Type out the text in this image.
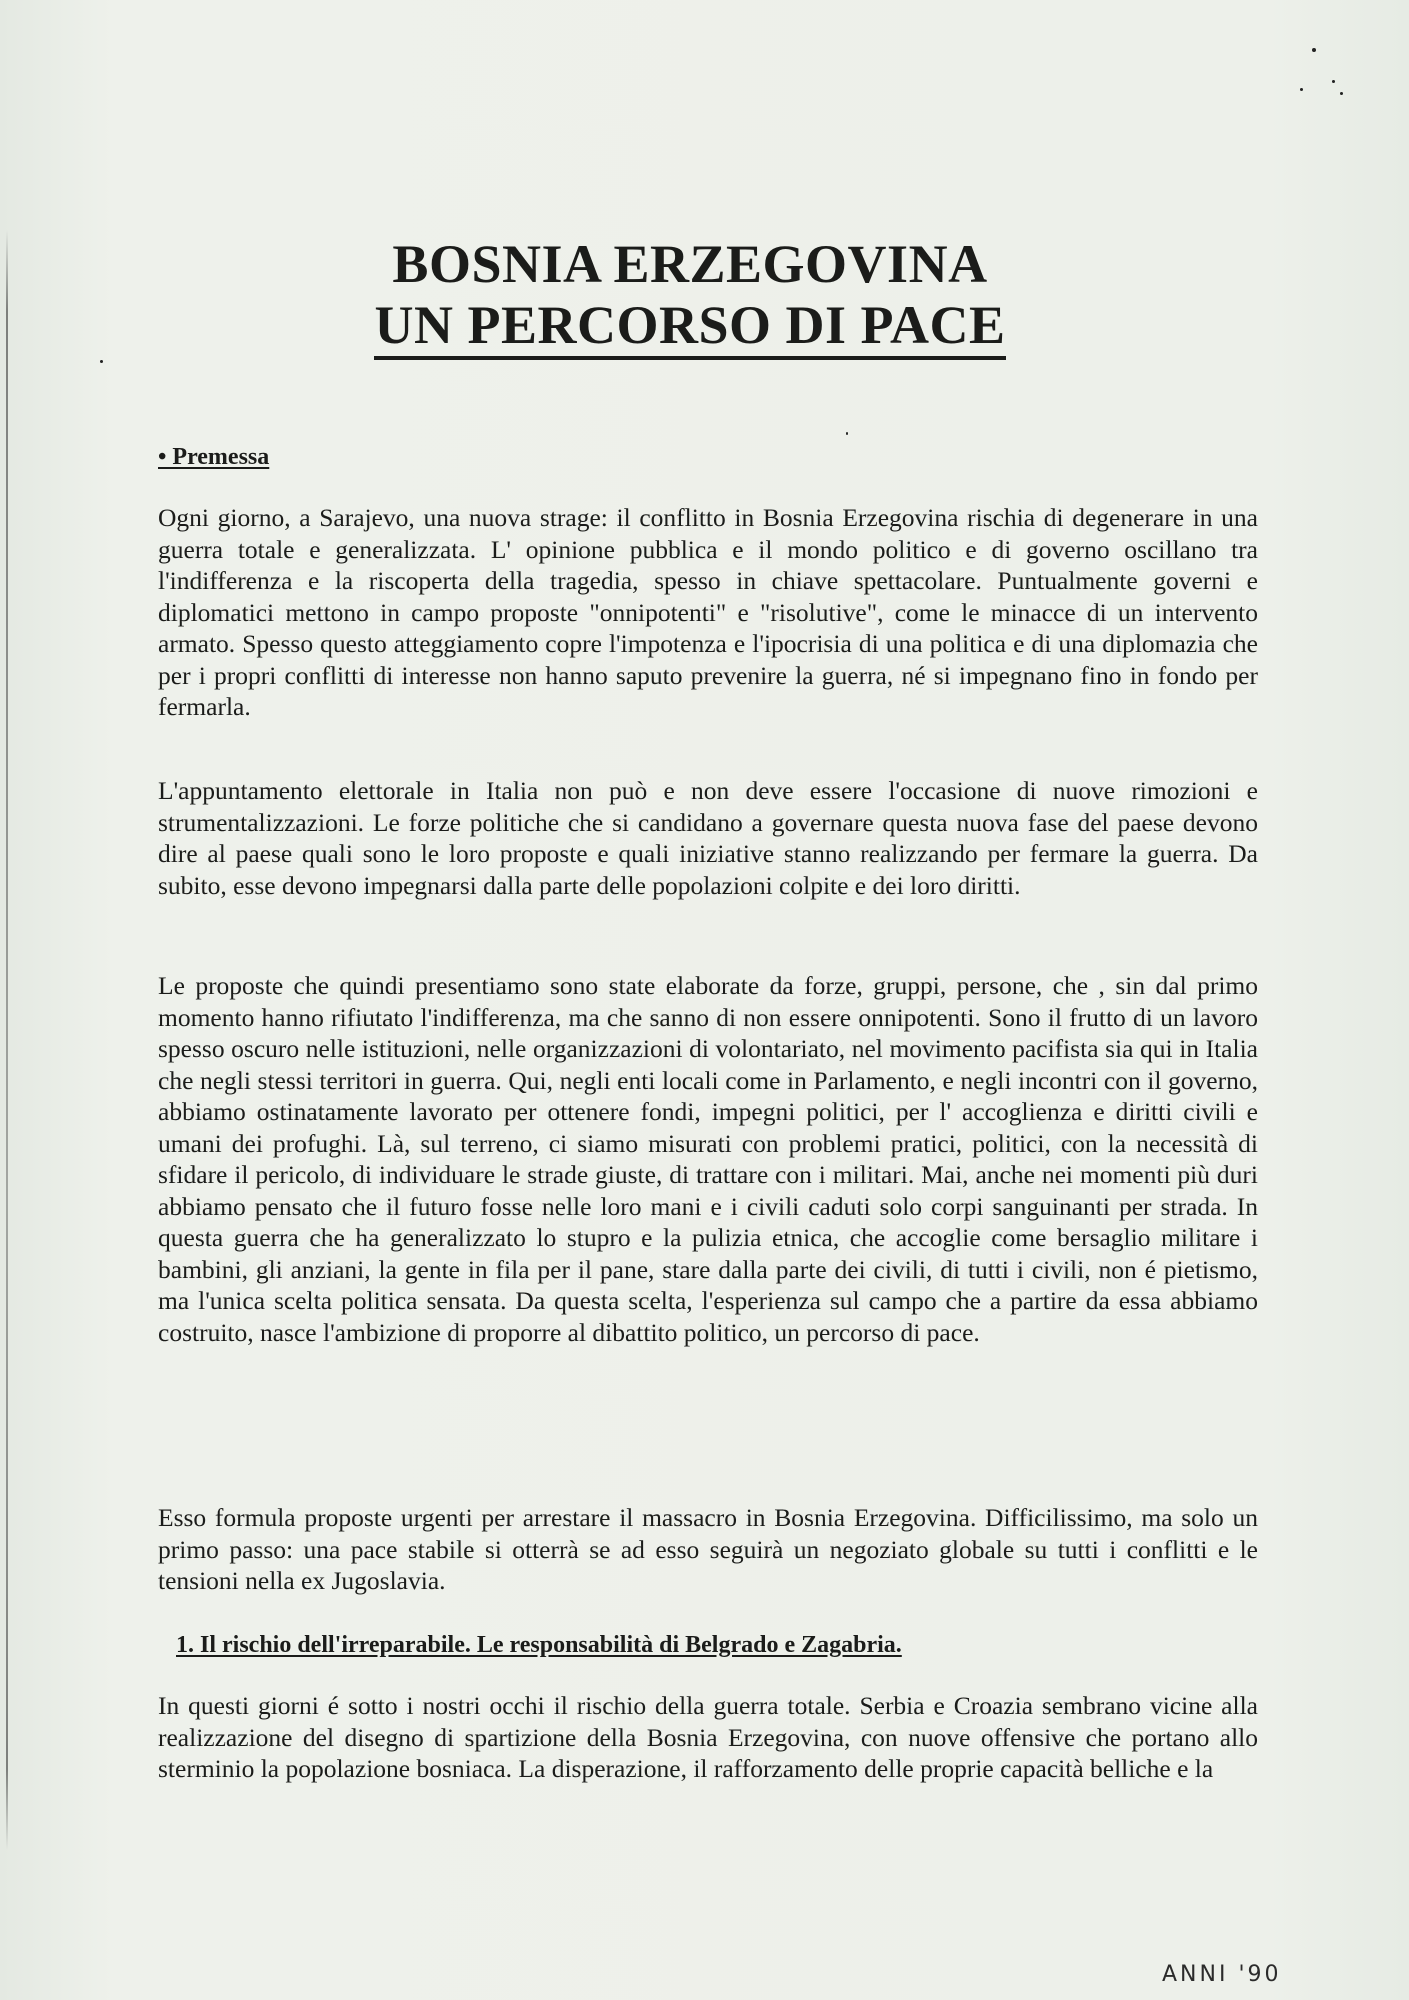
BOSNIA ERZEGOVINA
UN PERCORSO DI PACE
• Premessa

Ogni giorno, a Sarajevo, una nuova strage: il conflitto in Bosnia Erzegovina rischia di degenerare in una guerra totale e generalizzata. L' opinione pubblica e il mondo politico e di governo oscillano tra l'indifferenza e la riscoperta della tragedia, spesso in chiave spettacolare. Puntualmente governi e diplomatici mettono in campo proposte "onnipotenti" e "risolutive", come le minacce di un intervento armato. Spesso questo atteggiamento copre l'impotenza e l'ipocrisia di una politica e di una diplomazia che per i propri conflitti di interesse non hanno saputo prevenire la guerra, né si impegnano fino in fondo per fermarla.

L'appuntamento elettorale in Italia non può e non deve essere l'occasione di nuove rimozioni e strumentalizzazioni. Le forze politiche che si candidano a governare questa nuova fase del paese devono dire al paese quali sono le loro proposte e quali iniziative stanno realizzando per fermare la guerra. Da subito, esse devono impegnarsi dalla parte delle popolazioni colpite e dei loro diritti.

Le proposte che quindi presentiamo sono state elaborate da forze, gruppi, persone, che , sin dal primo momento hanno rifiutato l'indifferenza, ma che sanno di non essere onnipotenti. Sono il frutto di un lavoro spesso oscuro nelle istituzioni, nelle organizzazioni di volontariato, nel movimento pacifista sia qui in Italia che negli stessi territori in guerra. Qui, negli enti locali come in Parlamento, e negli incontri con il governo, abbiamo ostinatamente lavorato per ottenere fondi, impegni politici, per l' accoglienza e diritti civili e umani dei profughi. Là, sul terreno, ci siamo misurati con problemi pratici, politici, con la necessità di sfidare il pericolo, di individuare le strade giuste, di trattare con i militari. Mai, anche nei momenti più duri abbiamo pensato che il futuro fosse nelle loro mani e i civili caduti solo corpi sanguinanti per strada. In questa guerra che ha generalizzato lo stupro e la pulizia etnica, che accoglie come bersaglio militare i bambini, gli anziani, la gente in fila per il pane, stare dalla parte dei civili, di tutti i civili, non é pietismo, ma l'unica scelta politica sensata. Da questa scelta, l'esperienza sul campo che a partire da essa abbiamo costruito, nasce l'ambizione di proporre al dibattito politico, un percorso di pace.

Esso formula proposte urgenti per arrestare il massacro in Bosnia Erzegovina. Difficilissimo, ma solo un primo passo: una pace stabile si otterrà se ad esso seguirà un negoziato globale su tutti i conflitti e le tensioni nella ex Jugoslavia.

1. Il rischio dell'irreparabile. Le responsabilità di Belgrado e Zagabria.

In questi giorni é sotto i nostri occhi il rischio della guerra totale. Serbia e Croazia sembrano vicine alla realizzazione del disegno di spartizione della Bosnia Erzegovina, con nuove offensive che portano allo sterminio la popolazione bosniaca. La disperazione, il rafforzamento delle proprie capacità belliche e la

ANNI '90
